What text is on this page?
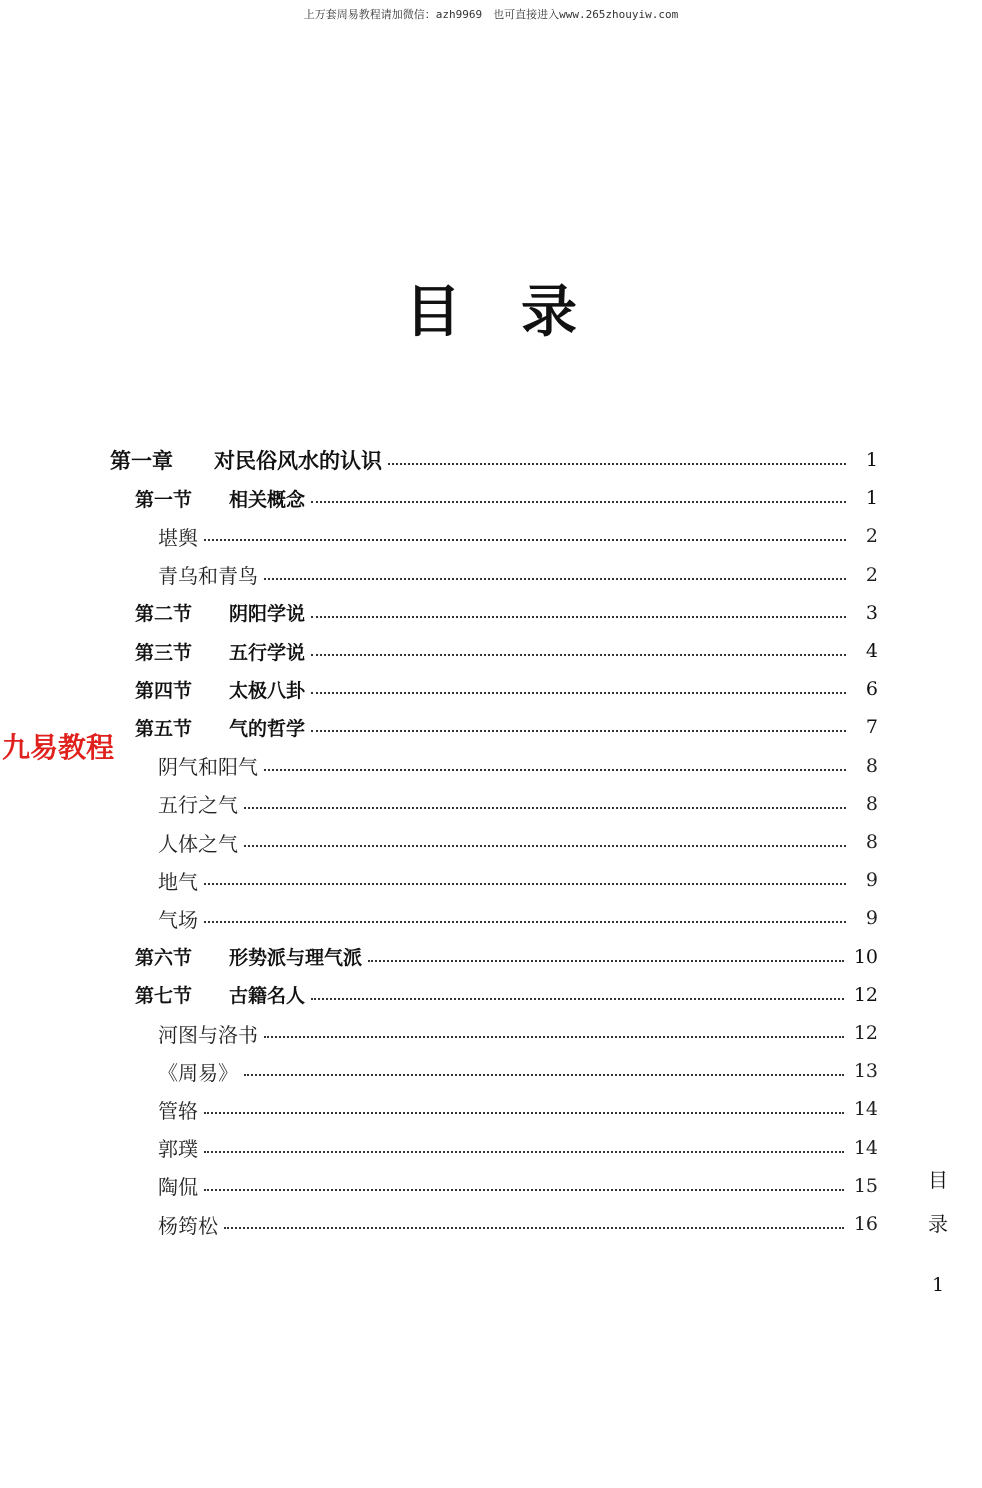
上万套周易教程请加微信：azh9969　也可直接进入www.265zhouyiw.com
目录
九易教程
第一章	对民俗风水的认识	1
第一节	相关概念	1
堪舆	2
青乌和青鸟	2
第二节	阴阳学说	3
第三节	五行学说	4
第四节	太极八卦	6
第五节	气的哲学	7
阴气和阳气	8
五行之气	8
人体之气	8
地气	9
气场	9
第六节	形势派与理气派	10
第七节	古籍名人	12
河图与洛书	12
《周易》	13
管辂	14
郭璞	14
陶侃	15
杨筠松	16
目
录
1
